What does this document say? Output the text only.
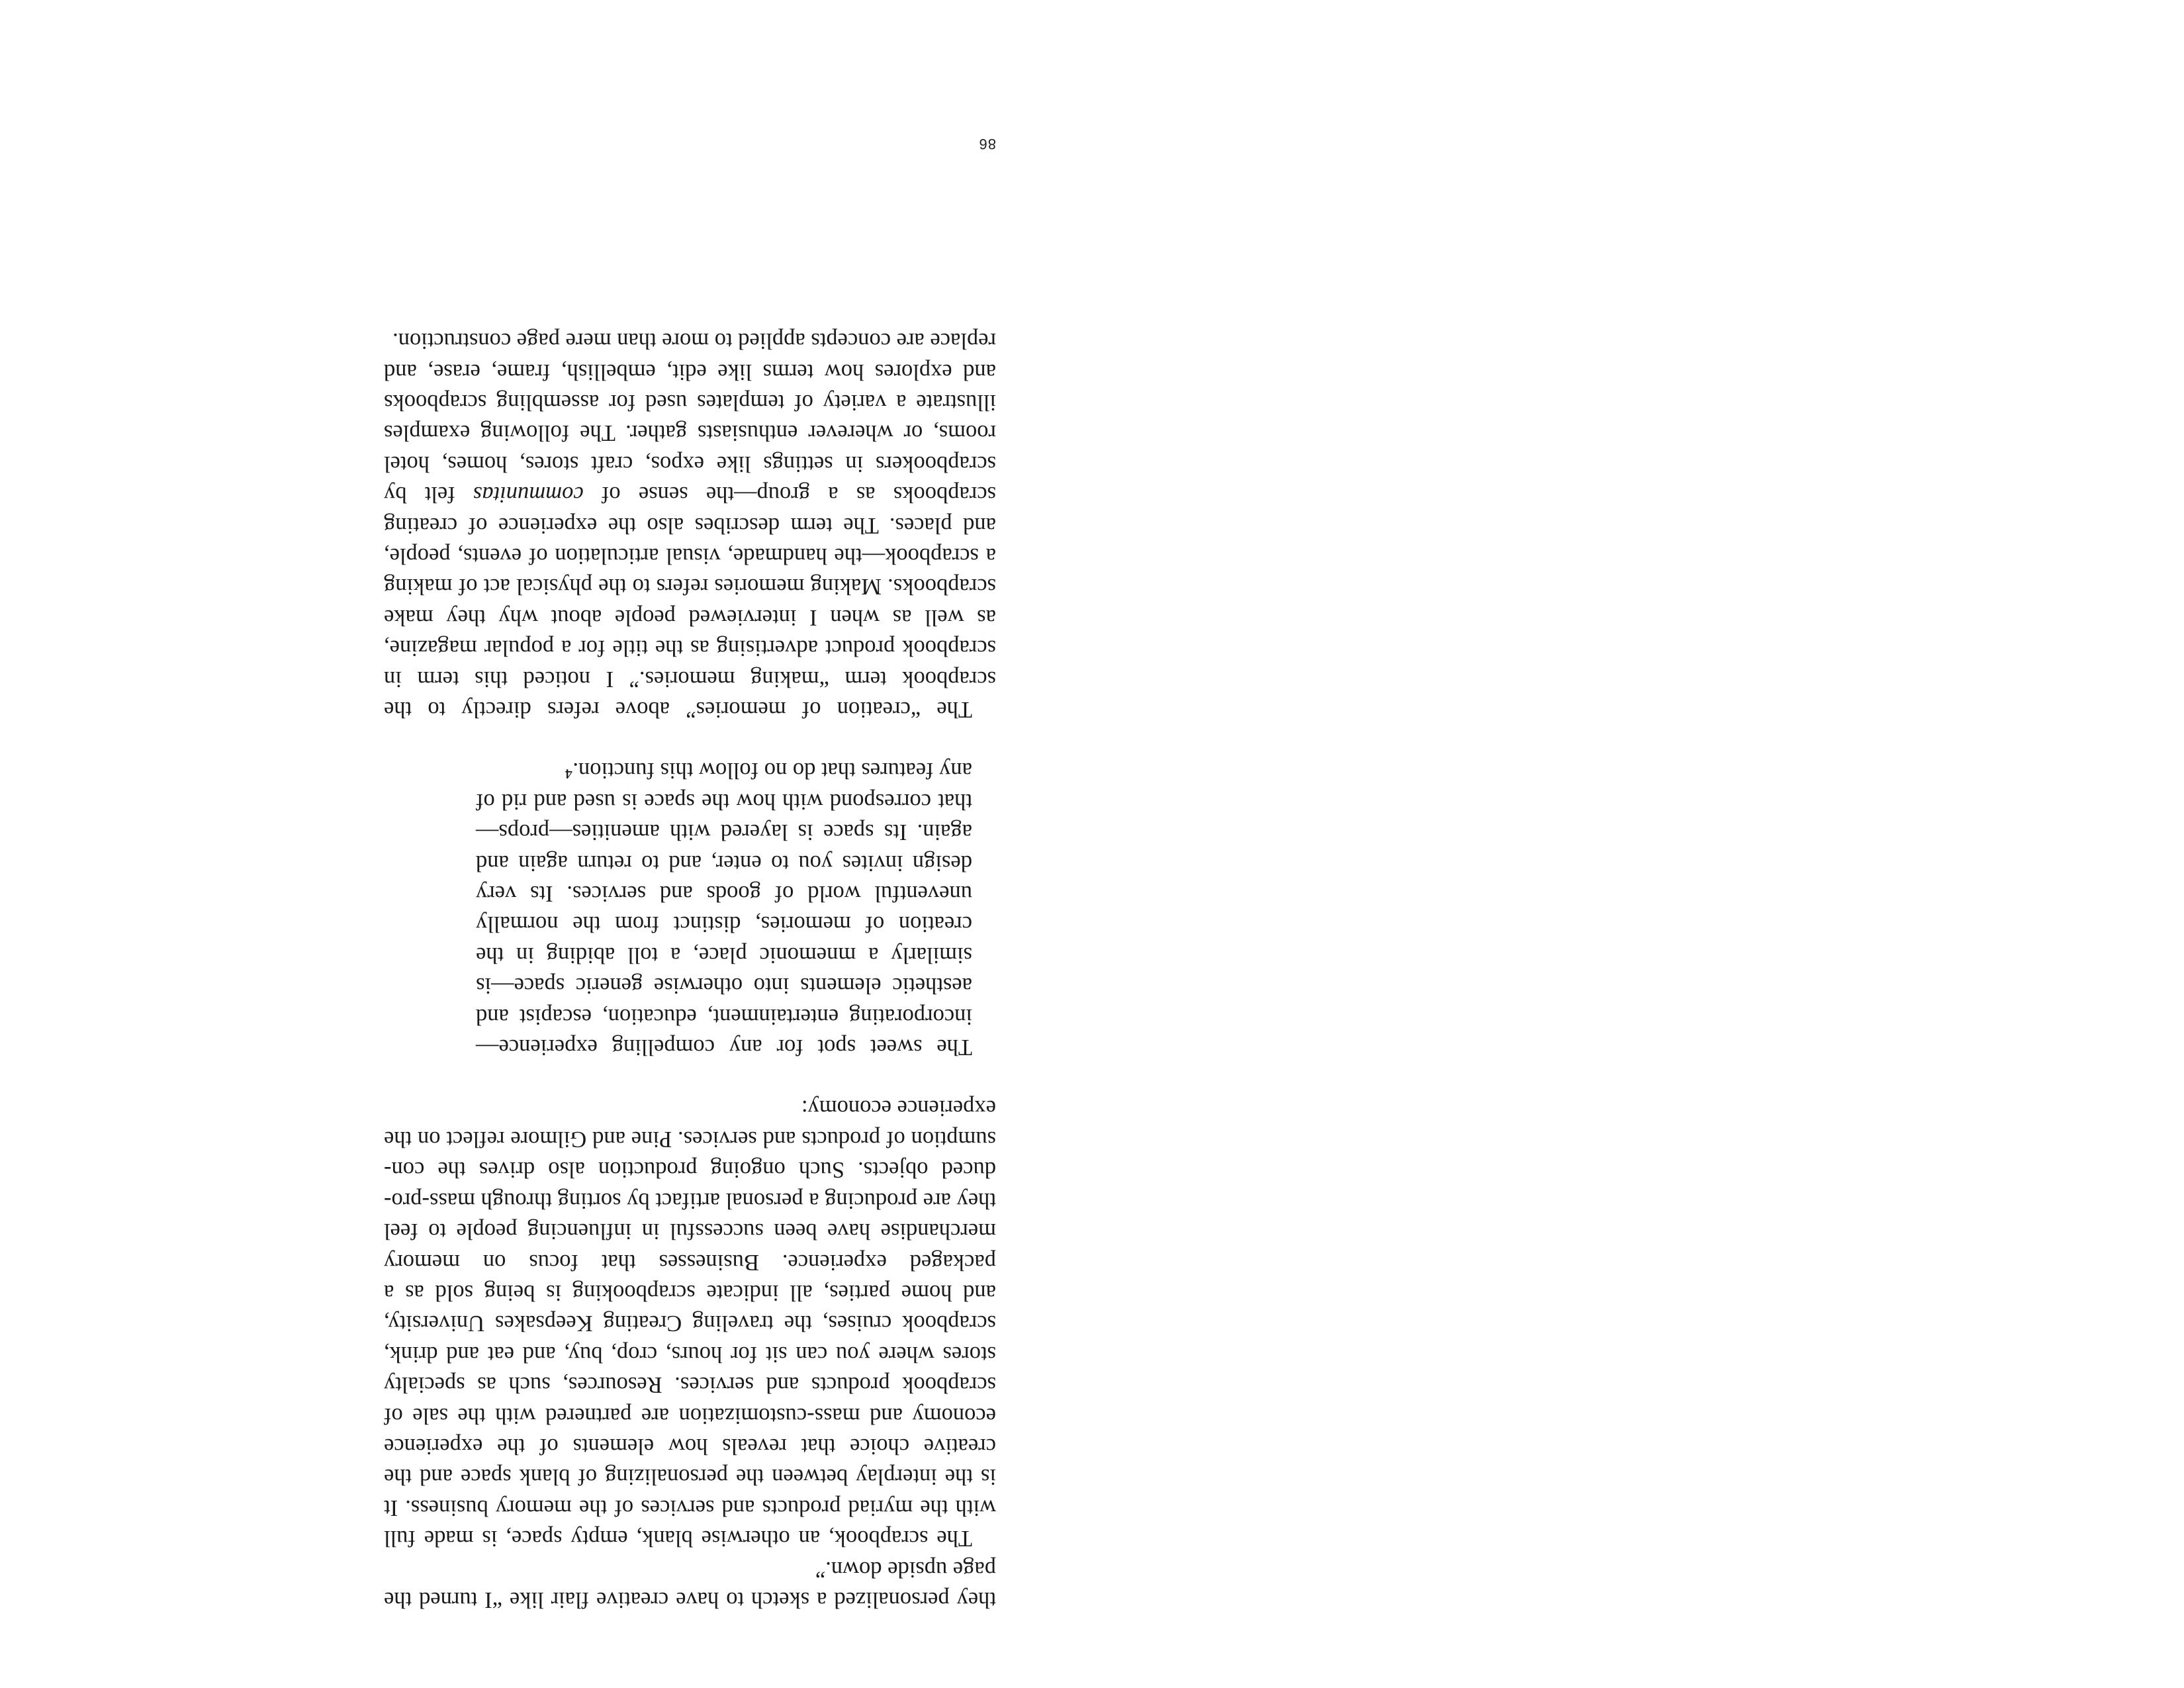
they personalized a sketch to have creative flair like “I turned the page upside down.”

The scrapbook, an otherwise blank, empty space, is made full with the myriad products and services of the memory business. It is the interplay between the personalizing of blank space and the creative choice that reveals how elements of the experience economy and mass-customization are partnered with the sale of scrapbook products and services. Resources, such as specialty stores where you can sit for hours, crop, buy, and eat and drink, scrapbook cruises, the traveling Creating Keepsakes University, and home parties, all indicate scrapbooking is being sold as a packaged experience. Businesses that focus on memory merchandise have been successful in influencing people to feel they are producing a personal artifact by sorting through mass-produced objects. Such ongoing production also drives the consumption of products and services. Pine and Gilmore reflect on the experience economy:

The sweet spot for any compelling experience—incorporating entertainment, education, escapist and aesthetic elements into otherwise generic space—is similarly a mnemonic place, a toll abiding in the creation of memories, distinct from the normally uneventful world of goods and services. Its very design invites you to enter, and to return again and again. Its space is layered with amenities—props—that correspond with how the space is used and rid of any features that do no follow this function.⁴

The “creation of memories” above refers directly to the scrapbook term “making memories.” I noticed this term in scrapbook product advertising as the title for a popular magazine, as well as when I interviewed people about why they make scrapbooks. Making memories refers to the physical act of making a scrapbook—the handmade, visual articulation of events, people, and places. The term describes also the experience of creating scrapbooks as a group—the sense of communitas felt by scrapbookers in settings like expos, craft stores, homes, hotel rooms, or wherever enthusiasts gather. The following examples illustrate a variety of templates used for assembling scrapbooks and explores how terms like edit, embellish, frame, erase, and replace are concepts applied to more than mere page construction.

86
